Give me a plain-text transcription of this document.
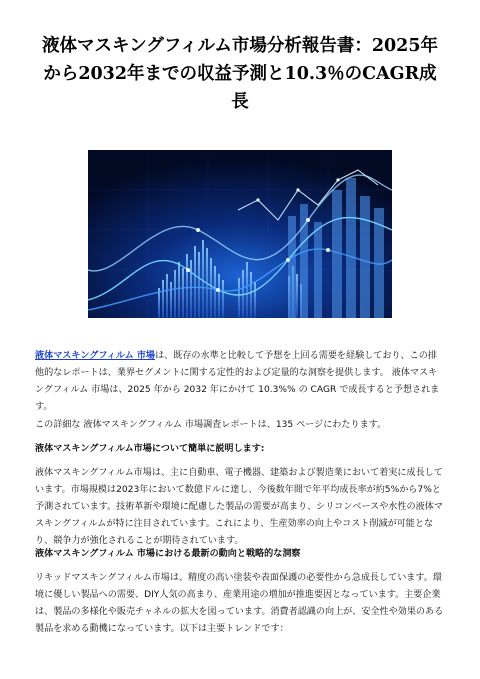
液体マスキングフィルム市場分析報告書：2025年から2032年までの収益予測と10.3％のCAGR成長

液体マスキングフィルム 市場は、既存の水準と比較して予想を上回る需要を経験しており、この排他的なレポートは、業界セグメントに関する定性的および定量的な洞察を提供します。 液体マスキングフィルム 市場は、2025 年から 2032 年にかけて 10.3%% の CAGR で成長すると予想されます。

この詳細な 液体マスキングフィルム 市場調査レポートは、135 ページにわたります。

液体マスキングフィルム市場について簡単に説明します:

液体マスキングフィルム市場は、主に自動車、電子機器、建築および製造業において着実に成長しています。市場規模は2023年において数億ドルに達し、今後数年間で年平均成長率が約5%から7%と予測されています。技術革新や環境に配慮した製品の需要が高まり、シリコンベースや水性の液体マスキングフィルムが特に注目されています。これにより、生産効率の向上やコスト削減が可能となり、競争力が強化されることが期待されています。

液体マスキングフィルム 市場における最新の動向と戦略的な洞察

リキッドマスキングフィルム市場は、精度の高い塗装や表面保護の必要性から急成長しています。環境に優しい製品への需要、DIY人気の高まり、産業用途の増加が推進要因となっています。主要企業は、製品の多様化や販売チャネルの拡大を図っています。消費者認識の向上が、安全性や効果のある製品を求める動機になっています。以下は主要トレンドです：
